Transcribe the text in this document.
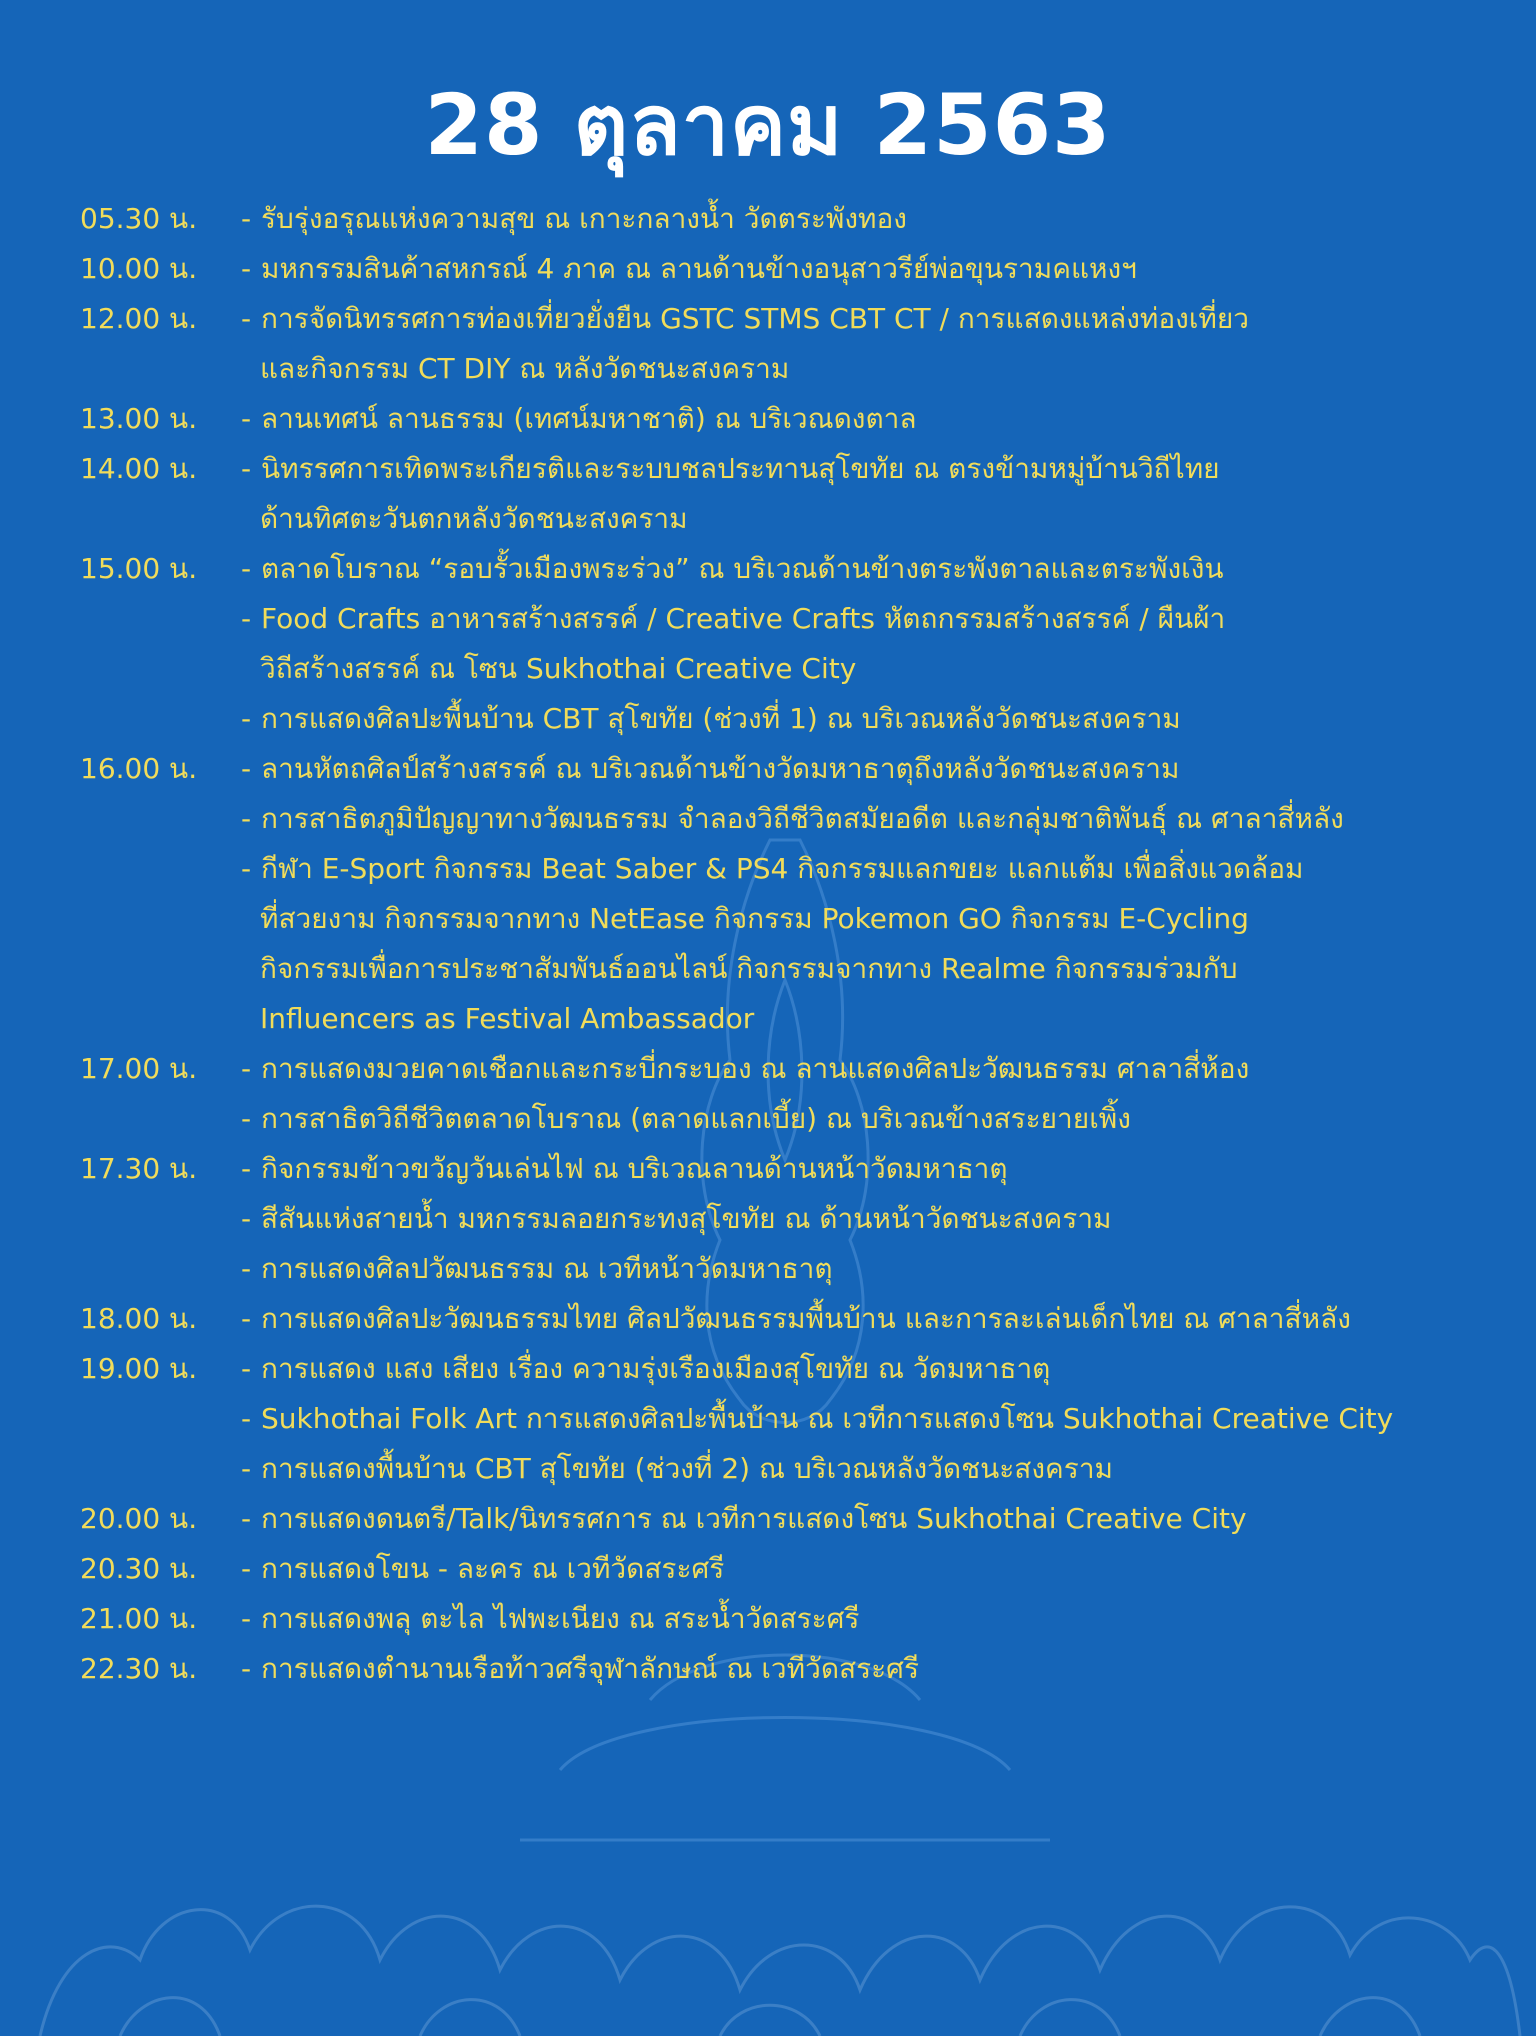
28 ตุลาคม 2563
05.30 น. - รับรุ่งอรุณแห่งความสุข ณ เกาะกลางน้ำ วัดตระพังทอง
10.00 น. - มหกรรมสินค้าสหกรณ์ 4 ภาค ณ ลานด้านข้างอนุสาวรีย์พ่อขุนรามคแหงฯ
12.00 น. - การจัดนิทรรศการท่องเที่ยวยั่งยืน GSTC STMS CBT CT / การแสดงแหล่งท่องเที่ยว
และกิจกรรม CT DIY ณ หลังวัดชนะสงคราม
13.00 น. - ลานเทศน์ ลานธรรม (เทศน์มหาชาติ) ณ บริเวณดงตาล
14.00 น. - นิทรรศการเทิดพระเกียรติและระบบชลประทานสุโขทัย ณ ตรงข้ามหมู่บ้านวิถีไทย
ด้านทิศตะวันตกหลังวัดชนะสงคราม
15.00 น. - ตลาดโบราณ “รอบรั้วเมืองพระร่วง” ณ บริเวณด้านข้างตระพังตาลและตระพังเงิน
- Food Crafts อาหารสร้างสรรค์ / Creative Crafts หัตถกรรมสร้างสรรค์ / ผืนผ้า
วิถีสร้างสรรค์ ณ โซน Sukhothai Creative City
- การแสดงศิลปะพื้นบ้าน CBT สุโขทัย (ช่วงที่ 1) ณ บริเวณหลังวัดชนะสงคราม
16.00 น. - ลานหัตถศิลป์สร้างสรรค์ ณ บริเวณด้านข้างวัดมหาธาตุถึงหลังวัดชนะสงคราม
- การสาธิตภูมิปัญญาทางวัฒนธรรม จำลองวิถีชีวิตสมัยอดีต และกลุ่มชาติพันธุ์ ณ ศาลาสี่หลัง
- กีฬา E-Sport กิจกรรม Beat Saber & PS4 กิจกรรมแลกขยะ แลกแต้ม เพื่อสิ่งแวดล้อม
ที่สวยงาม กิจกรรมจากทาง NetEase กิจกรรม Pokemon GO กิจกรรม E-Cycling
กิจกรรมเพื่อการประชาสัมพันธ์ออนไลน์ กิจกรรมจากทาง Realme กิจกรรมร่วมกับ
Influencers as Festival Ambassador
17.00 น. - การแสดงมวยคาดเชือกและกระบี่กระบอง ณ ลานแสดงศิลปะวัฒนธรรม ศาลาสี่ห้อง
- การสาธิตวิถีชีวิตตลาดโบราณ (ตลาดแลกเบี้ย) ณ บริเวณข้างสระยายเพิ้ง
17.30 น. - กิจกรรมข้าวขวัญวันเล่นไฟ ณ บริเวณลานด้านหน้าวัดมหาธาตุ
- สีสันแห่งสายน้ำ มหกรรมลอยกระทงสุโขทัย ณ ด้านหน้าวัดชนะสงคราม
- การแสดงศิลปวัฒนธรรม ณ เวทีหน้าวัดมหาธาตุ
18.00 น. - การแสดงศิลปะวัฒนธรรมไทย ศิลปวัฒนธรรมพื้นบ้าน และการละเล่นเด็กไทย ณ ศาลาสี่หลัง
19.00 น. - การแสดง แสง เสียง เรื่อง ความรุ่งเรืองเมืองสุโขทัย ณ วัดมหาธาตุ
- Sukhothai Folk Art การแสดงศิลปะพื้นบ้าน ณ เวทีการแสดงโซน Sukhothai Creative City
- การแสดงพื้นบ้าน CBT สุโขทัย (ช่วงที่ 2) ณ บริเวณหลังวัดชนะสงคราม
20.00 น. - การแสดงดนตรี/Talk/นิทรรศการ ณ เวทีการแสดงโซน Sukhothai Creative City
20.30 น. - การแสดงโขน - ละคร ณ เวทีวัดสระศรี
21.00 น. - การแสดงพลุ ตะไล ไฟพะเนียง ณ สระน้ำวัดสระศรี
22.30 น. - การแสดงตำนานเรือท้าวศรีจุฬาลักษณ์ ณ เวทีวัดสระศรี
